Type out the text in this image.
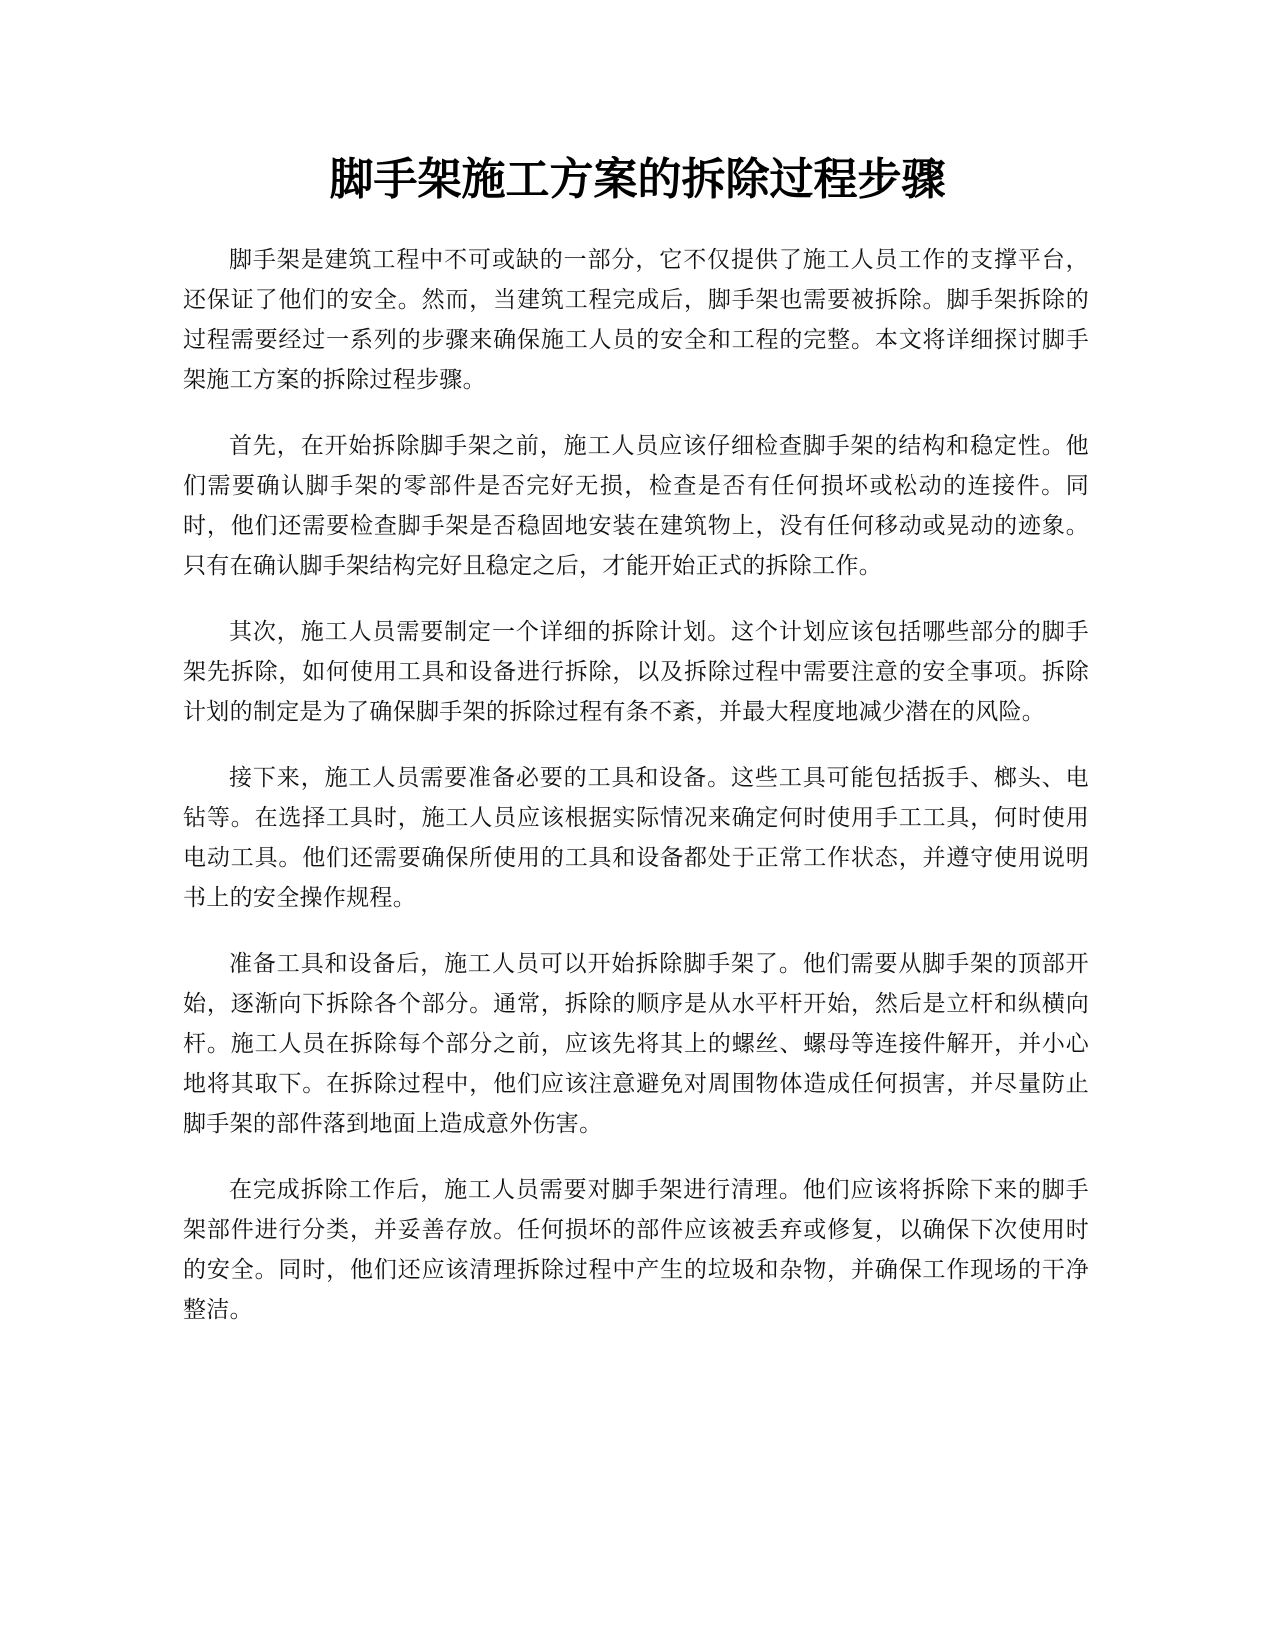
脚手架施工方案的拆除过程步骤

脚手架是建筑工程中不可或缺的一部分，它不仅提供了施工人员工作的支撑平台，还保证了他们的安全。然而，当建筑工程完成后，脚手架也需要被拆除。脚手架拆除的过程需要经过一系列的步骤来确保施工人员的安全和工程的完整。本文将详细探讨脚手架施工方案的拆除过程步骤。

首先，在开始拆除脚手架之前，施工人员应该仔细检查脚手架的结构和稳定性。他们需要确认脚手架的零部件是否完好无损，检查是否有任何损坏或松动的连接件。同时，他们还需要检查脚手架是否稳固地安装在建筑物上，没有任何移动或晃动的迹象。只有在确认脚手架结构完好且稳定之后，才能开始正式的拆除工作。

其次，施工人员需要制定一个详细的拆除计划。这个计划应该包括哪些部分的脚手架先拆除，如何使用工具和设备进行拆除，以及拆除过程中需要注意的安全事项。拆除计划的制定是为了确保脚手架的拆除过程有条不紊，并最大程度地减少潜在的风险。

接下来，施工人员需要准备必要的工具和设备。这些工具可能包括扳手、榔头、电钻等。在选择工具时，施工人员应该根据实际情况来确定何时使用手工工具，何时使用电动工具。他们还需要确保所使用的工具和设备都处于正常工作状态，并遵守使用说明书上的安全操作规程。

准备工具和设备后，施工人员可以开始拆除脚手架了。他们需要从脚手架的顶部开始，逐渐向下拆除各个部分。通常，拆除的顺序是从水平杆开始，然后是立杆和纵横向杆。施工人员在拆除每个部分之前，应该先将其上的螺丝、螺母等连接件解开，并小心地将其取下。在拆除过程中，他们应该注意避免对周围物体造成任何损害，并尽量防止脚手架的部件落到地面上造成意外伤害。

在完成拆除工作后，施工人员需要对脚手架进行清理。他们应该将拆除下来的脚手架部件进行分类，并妥善存放。任何损坏的部件应该被丢弃或修复，以确保下次使用时的安全。同时，他们还应该清理拆除过程中产生的垃圾和杂物，并确保工作现场的干净整洁。
